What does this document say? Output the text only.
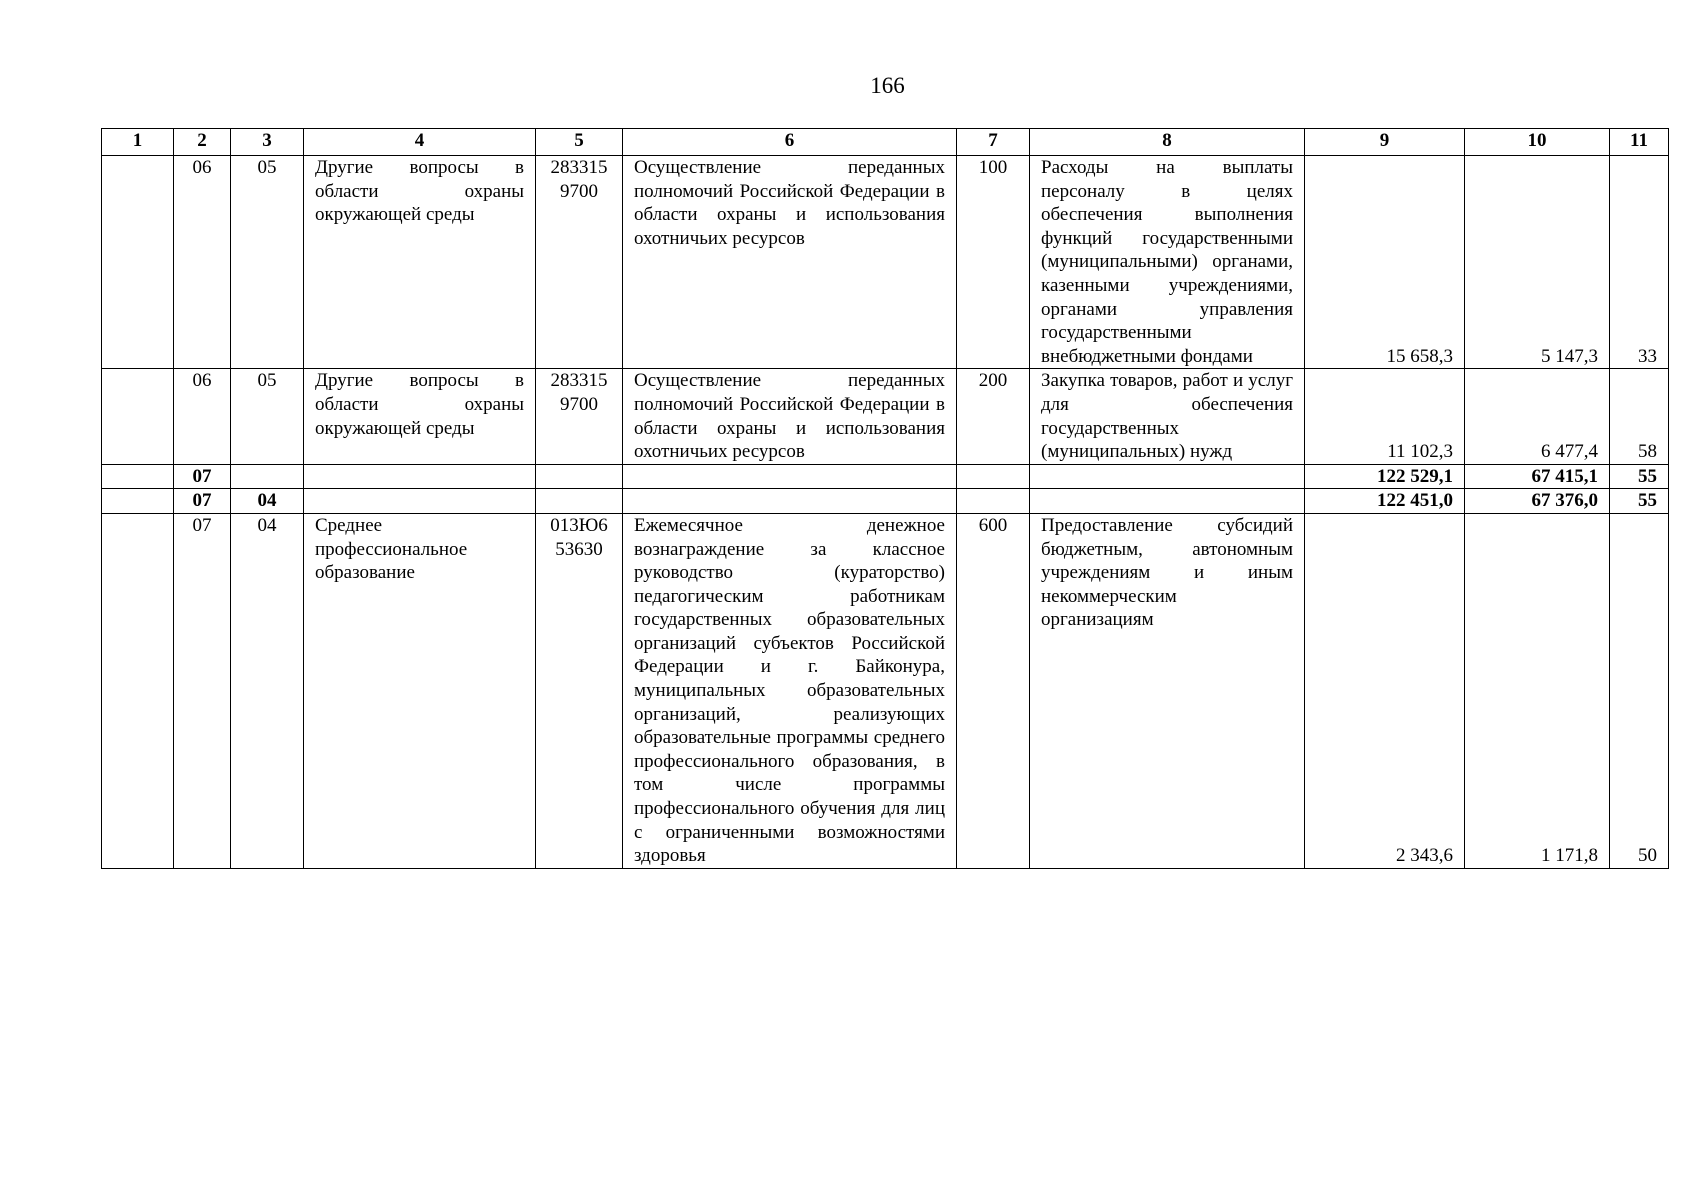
166
1	2	3	4	5	6	7	8	9	10	11
	06	05	Другие вопросы в области охраны окружающей среды	283315 9700	Осуществление переданных полномочий Российской Федерации в области охраны и использования охотничьих ресурсов	100	Расходы на выплаты персоналу в целях обеспечения выполнения функций государственными (муниципальными) органами, казенными учреждениями, органами управления государственными внебюджетными фондами	15 658,3	5 147,3	33
	06	05	Другие вопросы в области охраны окружающей среды	283315 9700	Осуществление переданных полномочий Российской Федерации в области охраны и использования охотничьих ресурсов	200	Закупка товаров, работ и услуг для обеспечения государственных (муниципальных) нужд	11 102,3	6 477,4	58
	07							122 529,1	67 415,1	55
	07	04						122 451,0	67 376,0	55
	07	04	Среднее профессиональное образование	013Ю6 53630	Ежемесячное денежное вознаграждение за классное руководство (кураторство) педагогическим работникам государственных образовательных организаций субъектов Российской Федерации и г. Байконура, муниципальных образовательных организаций, реализующих образовательные программы среднего профессионального образования, в том числе программы профессионального обучения для лиц с ограниченными возможностями здоровья	600	Предоставление субсидий бюджетным, автономным учреждениям и иным некоммерческим организациям	2 343,6	1 171,8	50
